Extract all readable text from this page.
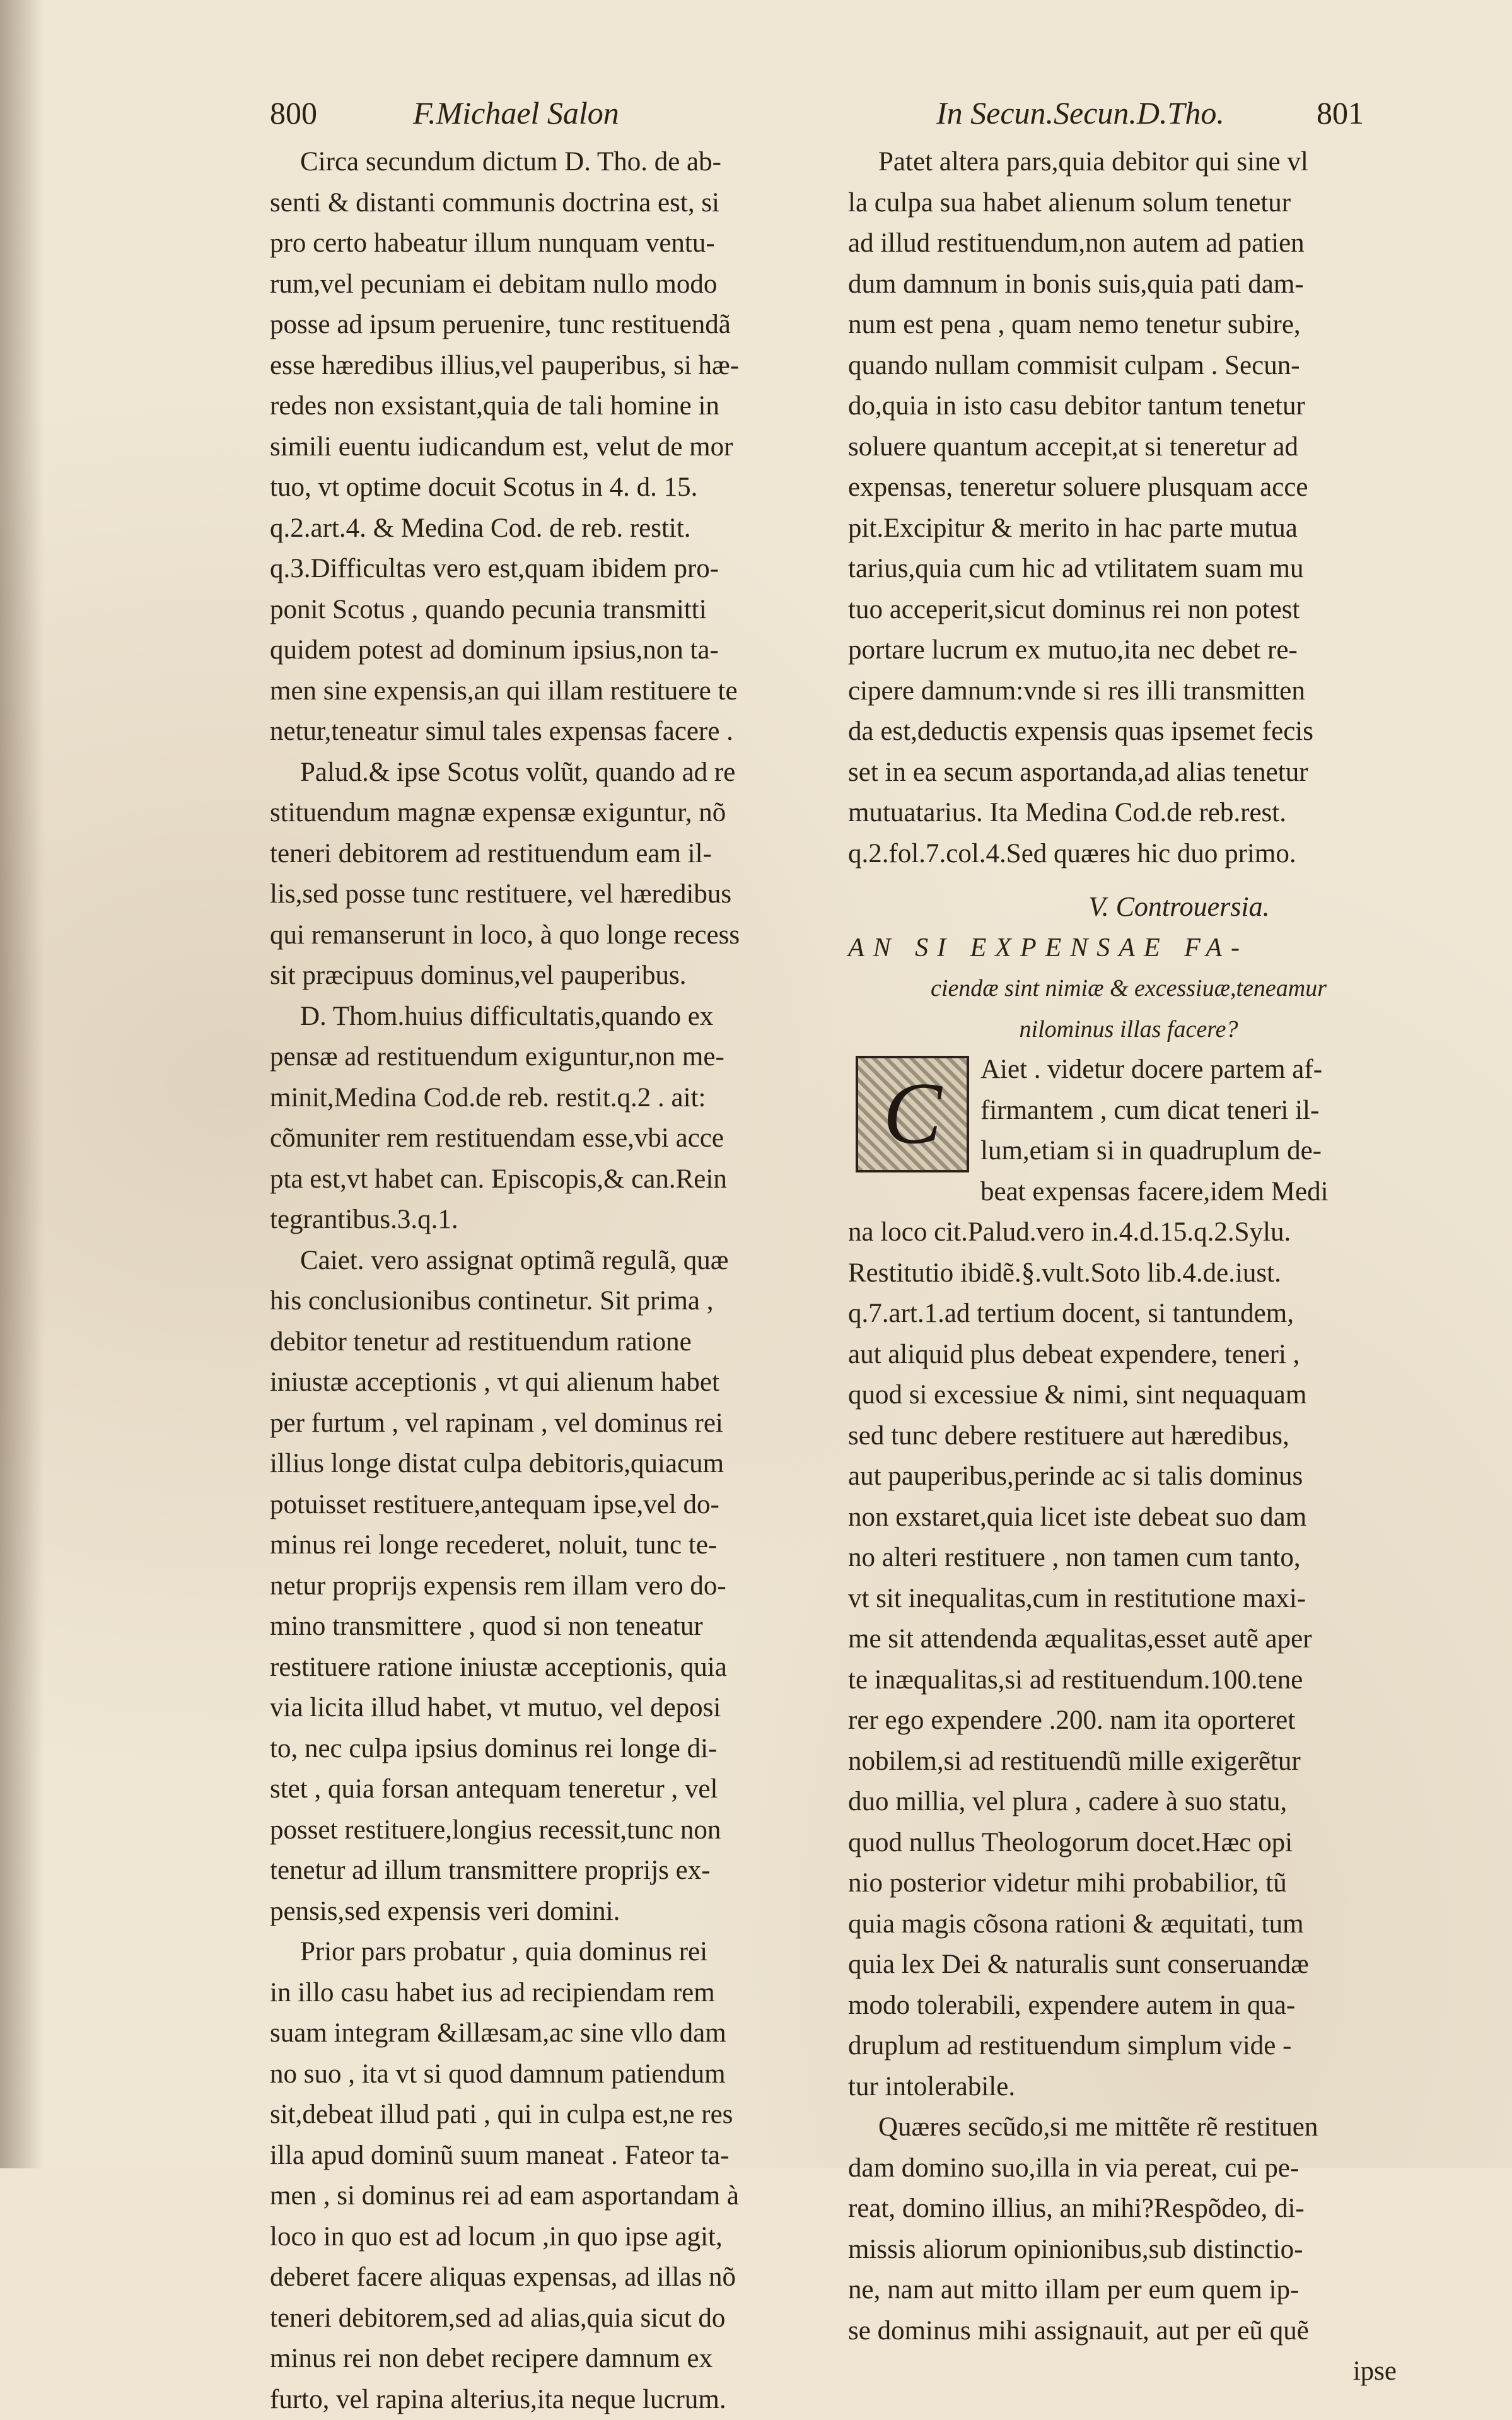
800	F.Michael Salon	In Secun.Secun.D.Tho.	801
Circa secundum dictum D. Tho. de ab-
senti & distanti communis doctrina est, si
pro certo habeatur illum nunquam ventu-
rum,vel pecuniam ei debitam nullo modo
posse ad ipsum peruenire, tunc restituendã
esse hæredibus illius,vel pauperibus, si hæ-
redes non exsistant,quia de tali homine in
simili euentu iudicandum est, velut de mor
tuo, vt optime docuit Scotus in 4. d. 15.
q.2.art.4. & Medina Cod. de reb. restit.
q.3.Difficultas vero est,quam ibidem pro-
ponit Scotus , quando pecunia transmitti
quidem potest ad dominum ipsius,non ta-
men sine expensis,an qui illam restituere te
netur,teneatur simul tales expensas facere .
Palud.& ipse Scotus volũt, quando ad re
stituendum magnæ expensæ exiguntur, nõ
teneri debitorem ad restituendum eam il-
lis,sed posse tunc restituere, vel hæredibus
qui remanserunt in loco, à quo longe recess
sit præcipuus dominus,vel pauperibus.
D. Thom.huius difficultatis,quando ex
pensæ ad restituendum exiguntur,non me-
minit,Medina Cod.de reb. restit.q.2 . ait:
cõmuniter rem restituendam esse,vbi acce
pta est,vt habet can. Episcopis,& can.Rein
tegrantibus.3.q.1.
Caiet. vero assignat optimã regulã, quæ
his conclusionibus continetur. Sit prima ,
debitor tenetur ad restituendum ratione
iniustæ acceptionis , vt qui alienum habet
per furtum , vel rapinam , vel dominus rei
illius longe distat culpa debitoris,quiacum
potuisset restituere,antequam ipse,vel do-
minus rei longe recederet, noluit, tunc te-
netur proprijs expensis rem illam vero do-
mino transmittere , quod si non teneatur
restituere ratione iniustæ acceptionis, quia
via licita illud habet, vt mutuo, vel deposi
to, nec culpa ipsius dominus rei longe di-
stet , quia forsan antequam teneretur , vel
posset restituere,longius recessit,tunc non
tenetur ad illum transmittere proprijs ex-
pensis,sed expensis veri domini.
Prior pars probatur , quia dominus rei
in illo casu habet ius ad recipiendam rem
suam integram &illæsam,ac sine vllo dam
no suo , ita vt si quod damnum patiendum
sit,debeat illud pati , qui in culpa est,ne res
illa apud dominũ suum maneat . Fateor ta-
men , si dominus rei ad eam asportandam à
loco in quo est ad locum ,in quo ipse agit,
deberet facere aliquas expensas, ad illas nõ
teneri debitorem,sed ad alias,quia sicut do
minus rei non debet recipere damnum ex
furto, vel rapina alterius,ita neque lucrum.
Patet altera pars,quia debitor qui sine vl
la culpa sua habet alienum solum tenetur
ad illud restituendum,non autem ad patien
dum damnum in bonis suis,quia pati dam-
num est pena , quam nemo tenetur subire,
quando nullam commisit culpam . Secun-
do,quia in isto casu debitor tantum tenetur
soluere quantum accepit,at si teneretur ad
expensas, teneretur soluere plusquam acce
pit.Excipitur & merito in hac parte mutua
tarius,quia cum hic ad vtilitatem suam mu
tuo acceperit,sicut dominus rei non potest
portare lucrum ex mutuo,ita nec debet re-
cipere damnum:vnde si res illi transmitten
da est,deductis expensis quas ipsemet fecis
set in ea secum asportanda,ad alias tenetur
mutuatarius. Ita Medina Cod.de reb.rest.
q.2.fol.7.col.4.Sed quæres hic duo primo.
V. Controuersia.
AN SI EXPENSAE FA-
ciendæ sint nimiæ & excessiuæ,teneamur
nilominus illas facere?
C	Aiet . videtur docere partem af-
firmantem , cum dicat teneri il-
lum,etiam si in quadruplum de-
beat expensas facere,idem Medi
na loco cit.Palud.vero in.4.d.15.q.2.Sylu.
Restitutio ibidẽ.§.vult.Soto lib.4.de.iust.
q.7.art.1.ad tertium docent, si tantundem,
aut aliquid plus debeat expendere, teneri ,
quod si excessiue & nimi, sint nequaquam
sed tunc debere restituere aut hæredibus,
aut pauperibus,perinde ac si talis dominus
non exstaret,quia licet iste debeat suo dam
no alteri restituere , non tamen cum tanto,
vt sit inequalitas,cum in restitutione maxi-
me sit attendenda æqualitas,esset autẽ aper
te inæqualitas,si ad restituendum.100.tene
rer ego expendere .200. nam ita oporteret
nobilem,si ad restituendũ mille exigerẽtur
duo millia, vel plura , cadere à suo statu,
quod nullus Theologorum docet.Hæc opi
nio posterior videtur mihi probabilior, tũ
quia magis cõsona rationi & æquitati, tum
quia lex Dei & naturalis sunt conseruandæ
modo tolerabili, expendere autem in qua-
druplum ad restituendum simplum vide -
tur intolerabile.
Quæres secũdo,si me mittẽte rẽ restituen
dam domino suo,illa in via pereat, cui pe-
reat, domino illius, an mihi?Respõdeo, di-
missis aliorum opinionibus,sub distinctio-
ne, nam aut mitto illam per eum quem ip-
se dominus mihi assignauit, aut per eũ quẽ
ipse
